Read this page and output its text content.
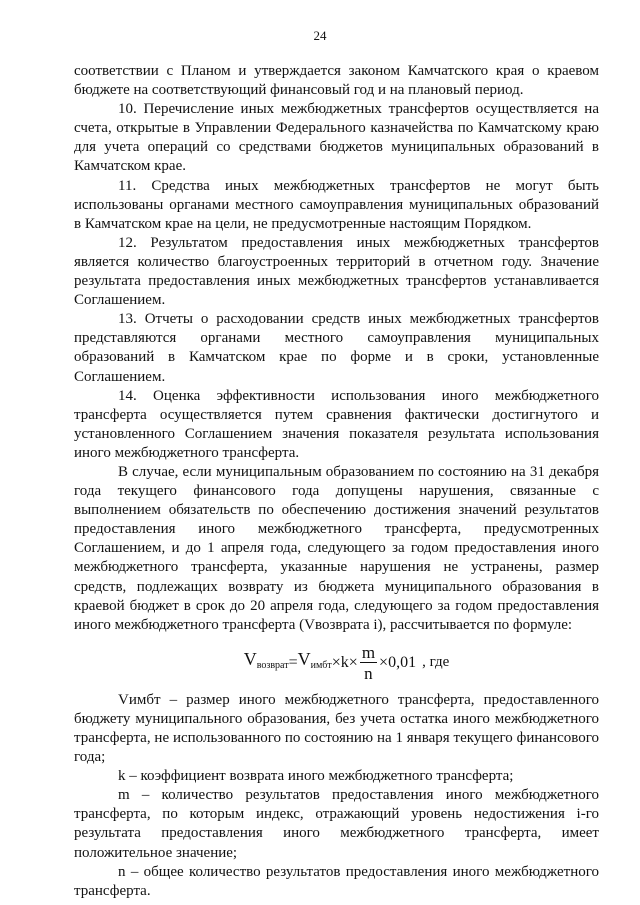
24

соответствии с Планом и утверждается законом Камчатского края о краевом бюджете на соответствующий финансовый год и на плановый период.

10. Перечисление иных межбюджетных трансфертов осуществляется на счета, открытые в Управлении Федерального казначейства по Камчатскому краю для учета операций со средствами бюджетов муниципальных образований в Камчатском крае.

11. Средства иных межбюджетных трансфертов не могут быть использованы органами местного самоуправления муниципальных образований в Камчатском крае на цели, не предусмотренные настоящим Порядком.

12. Результатом предоставления иных межбюджетных трансфертов является количество благоустроенных территорий в отчетном году. Значение результата предоставления иных межбюджетных трансфертов устанавливается Соглашением.

13. Отчеты о расходовании средств иных межбюджетных трансфертов представляются органами местного самоуправления муниципальных образований в Камчатском крае по форме и в сроки, установленные Соглашением.

14. Оценка эффективности использования иного межбюджетного трансферта осуществляется путем сравнения фактически достигнутого и установленного Соглашением значения показателя результата использования иного межбюджетного трансферта.

В случае, если муниципальным образованием по состоянию на 31 декабря года текущего финансового года допущены нарушения, связанные с выполнением обязательств по обеспечению достижения значений результатов предоставления иного межбюджетного трансферта, предусмотренных Соглашением, и до 1 апреля года, следующего за годом предоставления иного межбюджетного трансферта, указанные нарушения не устранены, размер средств, подлежащих возврату из бюджета муниципального образования в краевой бюджет в срок до 20 апреля года, следующего за годом предоставления иного межбюджетного трансферта (Vвозврата i), рассчитывается по формуле:

$V_{возврат} = V_{имбт} \times k\times \frac{m}{n} \times 0,01$ , где

Vимбт – размер иного межбюджетного трансферта, предоставленного бюджету муниципального образования, без учета остатка иного межбюджетного трансферта, не использованного по состоянию на 1 января текущего финансового года;

k – коэффициент возврата иного межбюджетного трансферта;

m – количество результатов предоставления иного межбюджетного трансферта, по которым индекс, отражающий уровень недостижения i-го результата предоставления иного межбюджетного трансферта, имеет положительное значение;

n – общее количество результатов предоставления иного межбюджетного трансферта.
